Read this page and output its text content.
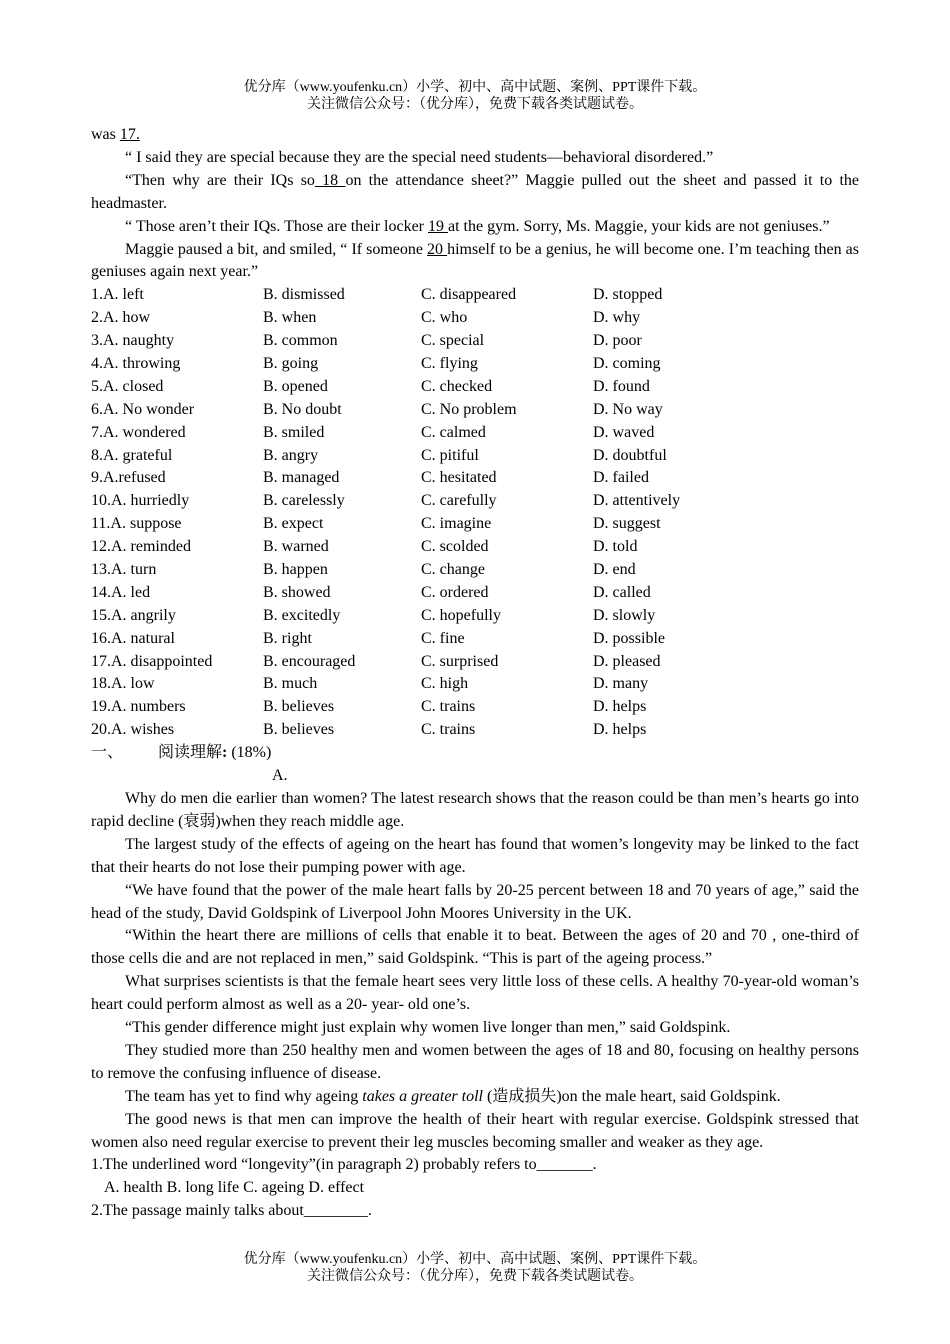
优分库（www.youfenku.cn）小学、初中、高中试题、案例、PPT课件下载。
关注微信公众号：（优分库），免费下载各类试题试卷。

was 17.

“ I said they are special because they are the special need students—behavioral disordered.”

“Then why are their IQs so 18 on the attendance sheet?” Maggie pulled out the sheet and passed it to the headmaster.

“ Those aren’t their IQs. Those are their locker 19 at the gym. Sorry, Ms. Maggie, your kids are not geniuses.”

Maggie paused a bit, and smiled, “ If someone 20 himself to be a genius, he will become one. I’m teaching then as geniuses again next year.”

1.A. left	B. dismissed	C. disappeared	D. stopped
2.A. how	B. when	C. who	D. why
3.A. naughty	B. common	C. special	D. poor
4.A. throwing	B. going	C. flying	D. coming
5.A. closed	B. opened	C. checked	D. found
6.A. No wonder	B. No doubt	C. No problem	D. No way
7.A. wondered	B. smiled	C. calmed	D. waved
8.A. grateful	B. angry	C. pitiful	D. doubtful
9.A.refused	B. managed	C. hesitated	D. failed
10.A. hurriedly	B. carelessly	C. carefully	D. attentively
11.A. suppose	B. expect	C. imagine	D. suggest
12.A. reminded	B. warned	C. scolded	D. told
13.A. turn	B. happen	C. change	D. end
14.A. led	B. showed	C. ordered	D. called
15.A. angrily	B. excitedly	C. hopefully	D. slowly
16.A. natural	B. right	C. fine	D. possible
17.A. disappointed	B. encouraged	C. surprised	D. pleased
18.A. low	B. much	C. high	D. many
19.A. numbers	B. believes	C. trains	D. helps
20.A. wishes	B. believes	C. trains	D. helps
一、	阅读理解: (18%)
A.

Why do men die earlier than women? The latest research shows that the reason could be than men’s hearts go into rapid decline (衰弱)when they reach middle age.

The largest study of the effects of ageing on the heart has found that women’s longevity may be linked to the fact that their hearts do not lose their pumping power with age.

“We have found that the power of the male heart falls by 20-25 percent between 18 and 70 years of age,” said the head of the study, David Goldspink of Liverpool John Moores University in the UK.

“Within the heart there are millions of cells that enable it to beat. Between the ages of 20 and 70 , one-third of those cells die and are not replaced in men,” said Goldspink. “This is part of the ageing process.”

What surprises scientists is that the female heart sees very little loss of these cells. A healthy 70-year-old woman’s heart could perform almost as well as a 20- year- old one’s.

“This gender difference might just explain why women live longer than men,” said Goldspink.

They studied more than 250 healthy men and women between the ages of 18 and 80, focusing on healthy persons to remove the confusing influence of disease.

The team has yet to find why ageing takes a greater toll (造成损失)on the male heart, said Goldspink.

The good news is that men can improve the health of their heart with regular exercise. Goldspink stressed that women also need regular exercise to prevent their leg muscles becoming smaller and weaker as they age.

1.The underlined word “longevity”(in paragraph 2) probably refers to_______.
A. health B. long life C. ageing D. effect
2.The passage mainly talks about________.
优分库（www.youfenku.cn）小学、初中、高中试题、案例、PPT课件下载。
关注微信公众号：（优分库），免费下载各类试题试卷。
